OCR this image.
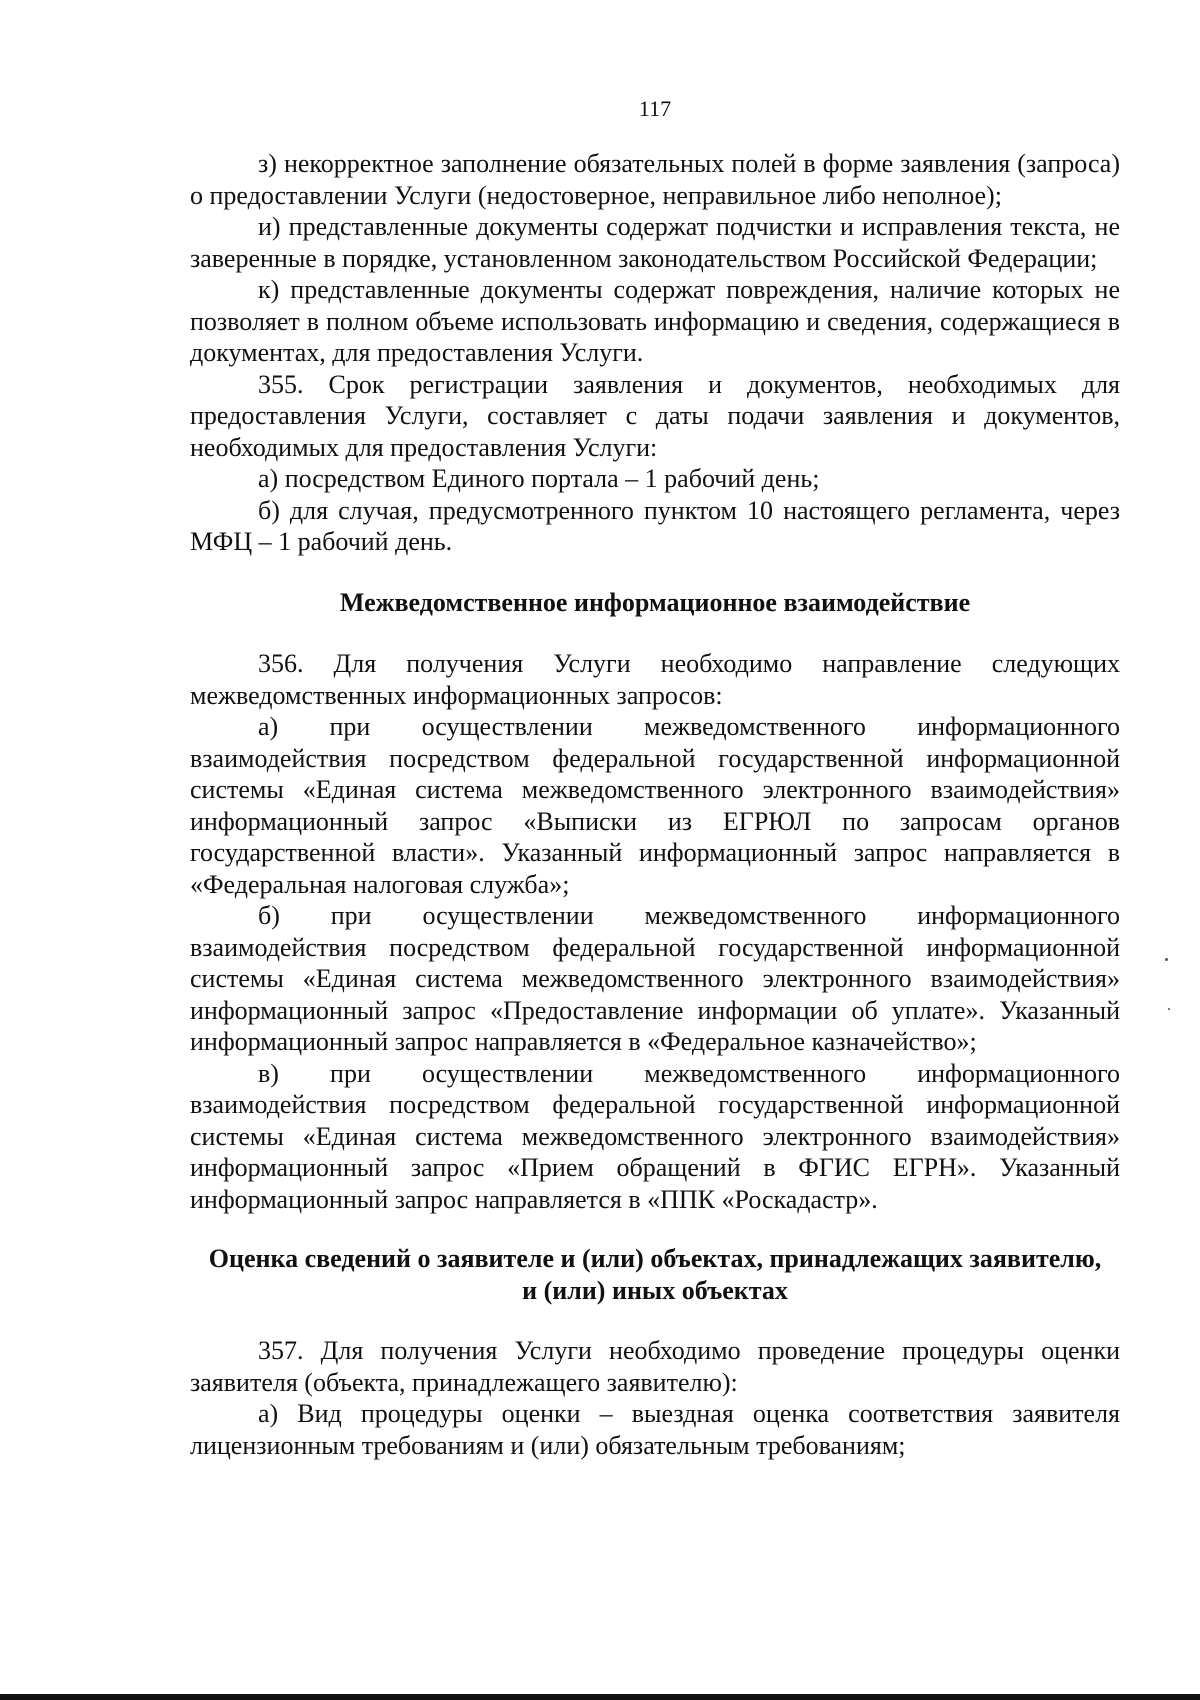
117

з) некорректное заполнение обязательных полей в форме заявления (запроса) о предоставлении Услуги (недостоверное, неправильное либо неполное);

и) представленные документы содержат подчистки и исправления текста, не заверенные в порядке, установленном законодательством Российской Федерации;

к) представленные документы содержат повреждения, наличие которых не позволяет в полном объеме использовать информацию и сведения, содержащиеся в документах, для предоставления Услуги.

355. Срок регистрации заявления и документов, необходимых для предоставления Услуги, составляет с даты подачи заявления и документов, необходимых для предоставления Услуги:

а) посредством Единого портала – 1 рабочий день;

б) для случая, предусмотренного пунктом 10 настоящего регламента, через МФЦ – 1 рабочий день.

Межведомственное информационное взаимодействие

356. Для получения Услуги необходимо направление следующих межведомственных информационных запросов:

а) при осуществлении межведомственного информационного взаимодействия посредством федеральной государственной информационной системы «Единая система межведомственного электронного взаимодействия» информационный запрос «Выписки из ЕГРЮЛ по запросам органов государственной власти». Указанный информационный запрос направляется в «Федеральная налоговая служба»;

б) при осуществлении межведомственного информационного взаимодействия посредством федеральной государственной информационной системы «Единая система межведомственного электронного взаимодействия» информационный запрос «Предоставление информации об уплате». Указанный информационный запрос направляется в «Федеральное казначейство»;

в) при осуществлении межведомственного информационного взаимодействия посредством федеральной государственной информационной системы «Единая система межведомственного электронного взаимодействия» информационный запрос «Прием обращений в ФГИС ЕГРН». Указанный информационный запрос направляется в «ППК «Роскадастр».

Оценка сведений о заявителе и (или) объектах, принадлежащих заявителю,
и (или) иных объектах

357. Для получения Услуги необходимо проведение процедуры оценки заявителя (объекта, принадлежащего заявителю):

а) Вид процедуры оценки – выездная оценка соответствия заявителя лицензионным требованиям и (или) обязательным требованиям;
